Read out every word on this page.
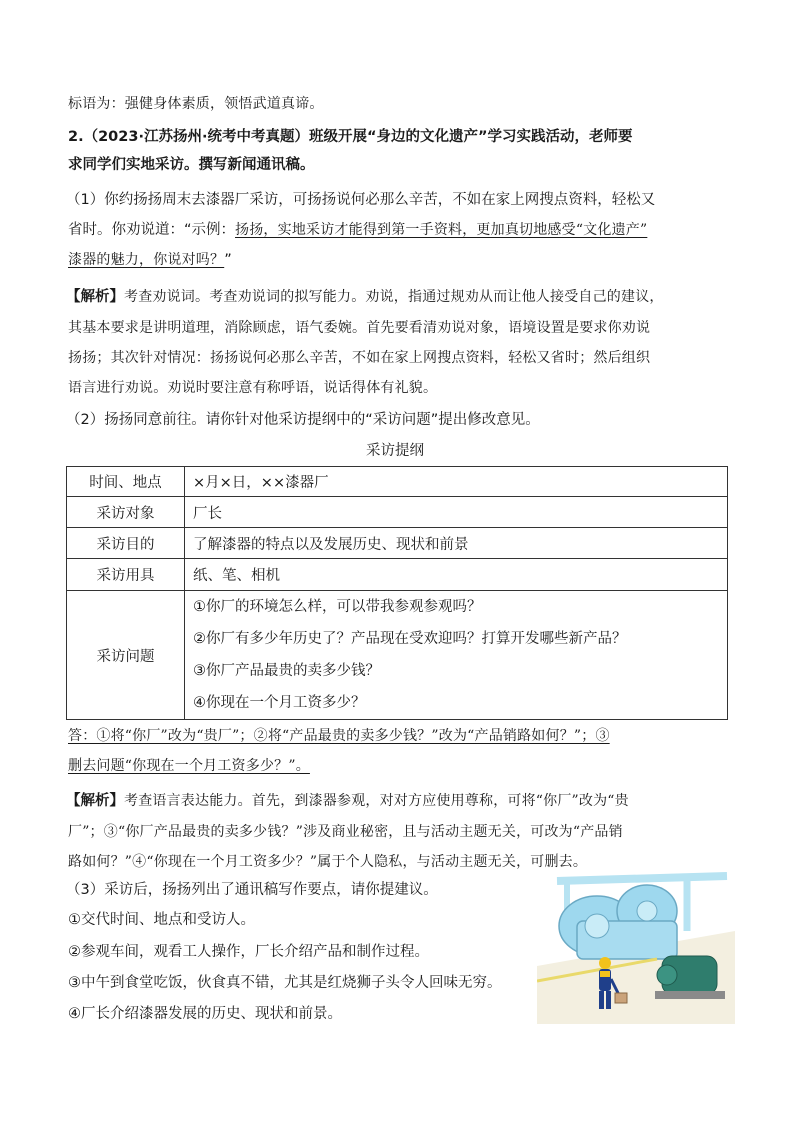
标语为：强健身体素质，领悟武道真谛。
2.（2023·江苏扬州·统考中考真题）班级开展“身边的文化遗产”学习实践活动，老师要
求同学们实地采访。撰写新闻通讯稿。
（1）你约扬扬周末去漆器厂采访，可扬扬说何必那么辛苦，不如在家上网搜点资料，轻松又
省时。你劝说道：“示例：扬扬，实地采访才能得到第一手资料，更加真切地感受“文化遗产”
漆器的魅力，你说对吗？”
【解析】考查劝说词。考查劝说词的拟写能力。劝说，指通过规劝从而让他人接受自己的建议，
其基本要求是讲明道理，消除顾虑，语气委婉。首先要看清劝说对象，语境设置是要求你劝说
扬扬；其次针对情况：扬扬说何必那么辛苦，不如在家上网搜点资料，轻松又省时；然后组织
语言进行劝说。劝说时要注意有称呼语，说话得体有礼貌。
（2）扬扬同意前往。请你针对他采访提纲中的“采访问题”提出修改意见。
采访提纲
时间、地点	×月×日，××漆器厂
采访对象	厂长
采访目的	了解漆器的特点以及发展历史、现状和前景
采访用具	纸、笔、相机
采访问题	①你厂的环境怎么样，可以带我参观参观吗？
②你厂有多少年历史了？产品现在受欢迎吗？打算开发哪些新产品？
③你厂产品最贵的卖多少钱？
④你现在一个月工资多少？
答：①将“你厂”改为“贵厂”；②将“产品最贵的卖多少钱？”改为“产品销路如何？”；③
删去问题“你现在一个月工资多少？”。
【解析】考查语言表达能力。首先，到漆器参观，对对方应使用尊称，可将“你厂”改为“贵
厂”；③“你厂产品最贵的卖多少钱？”涉及商业秘密，且与活动主题无关，可改为“产品销
路如何？”④“你现在一个月工资多少？”属于个人隐私，与活动主题无关，可删去。
（3）采访后，扬扬列出了通讯稿写作要点，请你提建议。
①交代时间、地点和受访人。
②参观车间，观看工人操作，厂长介绍产品和制作过程。
③中午到食堂吃饭，伙食真不错，尤其是红烧狮子头令人回味无穷。
④厂长介绍漆器发展的历史、现状和前景。
